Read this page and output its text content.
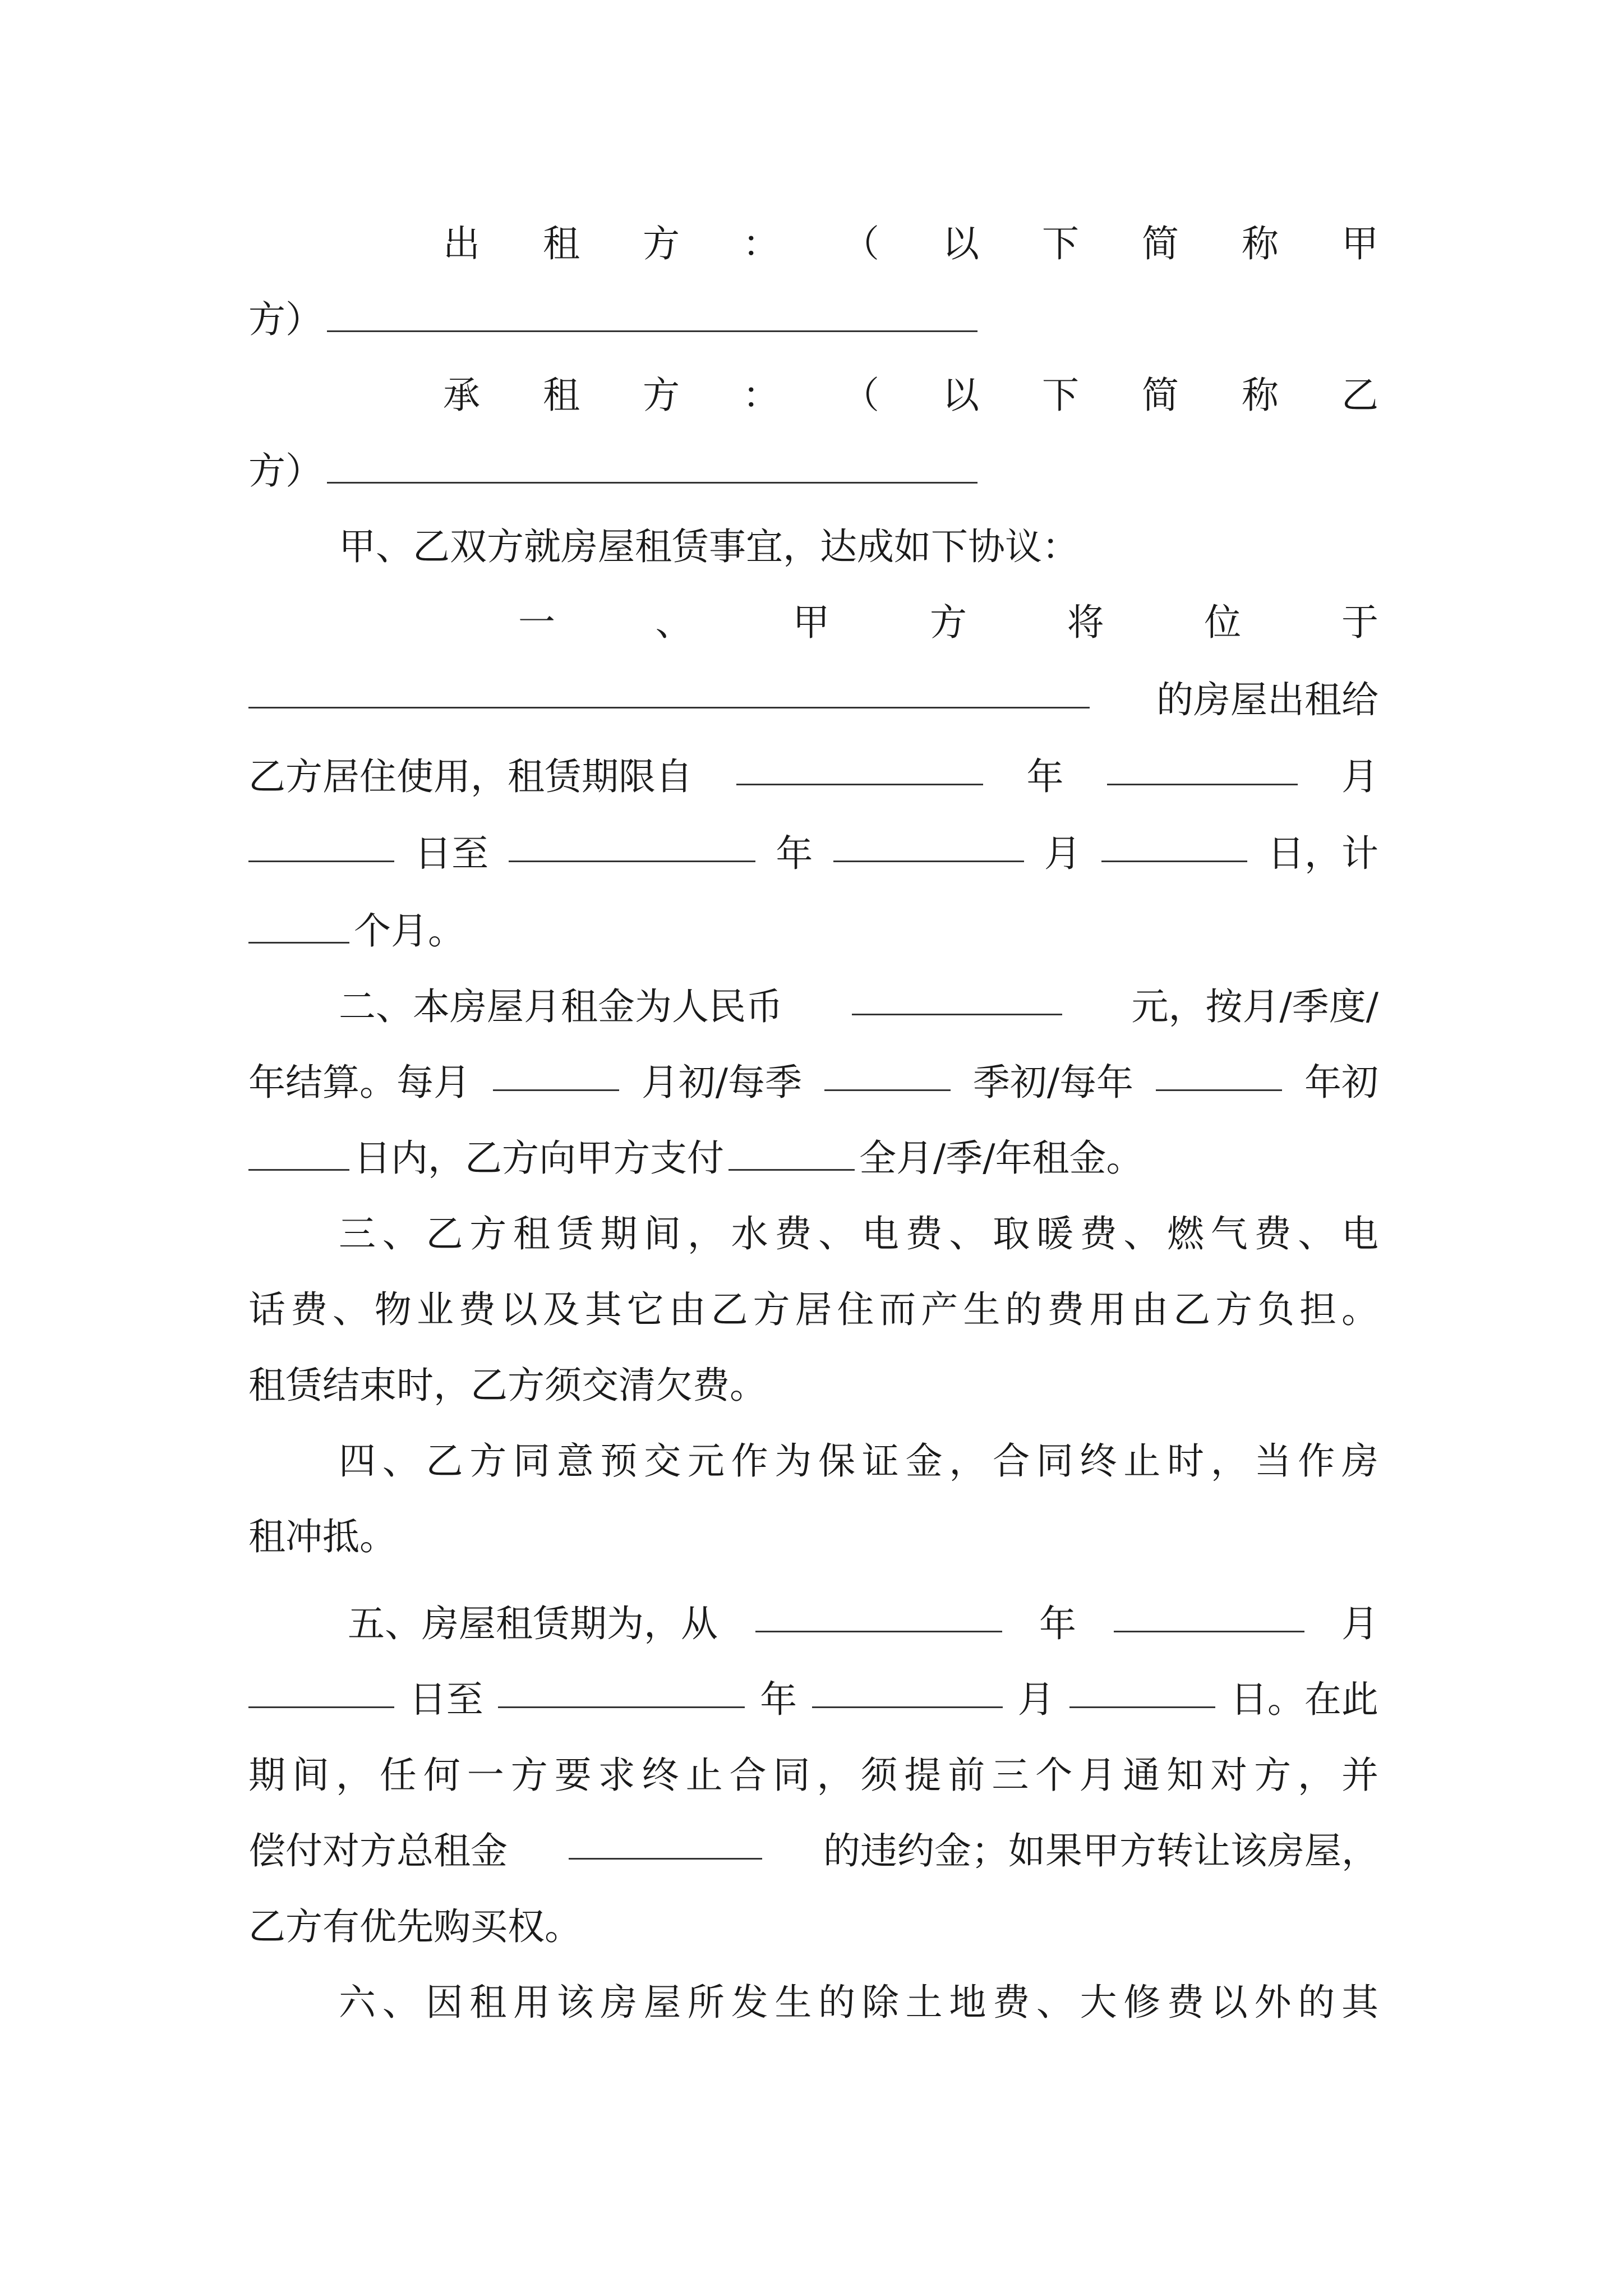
出 租 方 ： （ 以 下 简 称 甲
方）
承 租 方 ： （ 以 下 简 称 乙
方）
甲、乙双方就房屋租赁事宜，达成如下协议：
一	、	甲	方	将	位	于
的房屋出租给
乙方居住使用，租赁期限自	年	月
日至	年	月	日，计
个月。
二、本房屋月租金为人民币	元，按月/季度/
年结算。每月	月初/每季	季初/每年	年初
日内，乙方向甲方支付	全月/季/年租金。
三、乙方租赁期间，水费、电费、取暖费、燃气费、电
话费、物业费以及其它由乙方居住而产生的费用由乙方负担。
租赁结束时，乙方须交清欠费。
四、乙方同意预交元作为保证金，合同终止时，当作房
租冲抵。
五、房屋租赁期为，从	年	月
日至	年	月	日。在此
期间，任何一方要求终止合同，须提前三个月通知对方，并
偿付对方总租金	的违约金；如果甲方转让该房屋，
乙方有优先购买权。
六、因租用该房屋所发生的除土地费、大修费以外的其
